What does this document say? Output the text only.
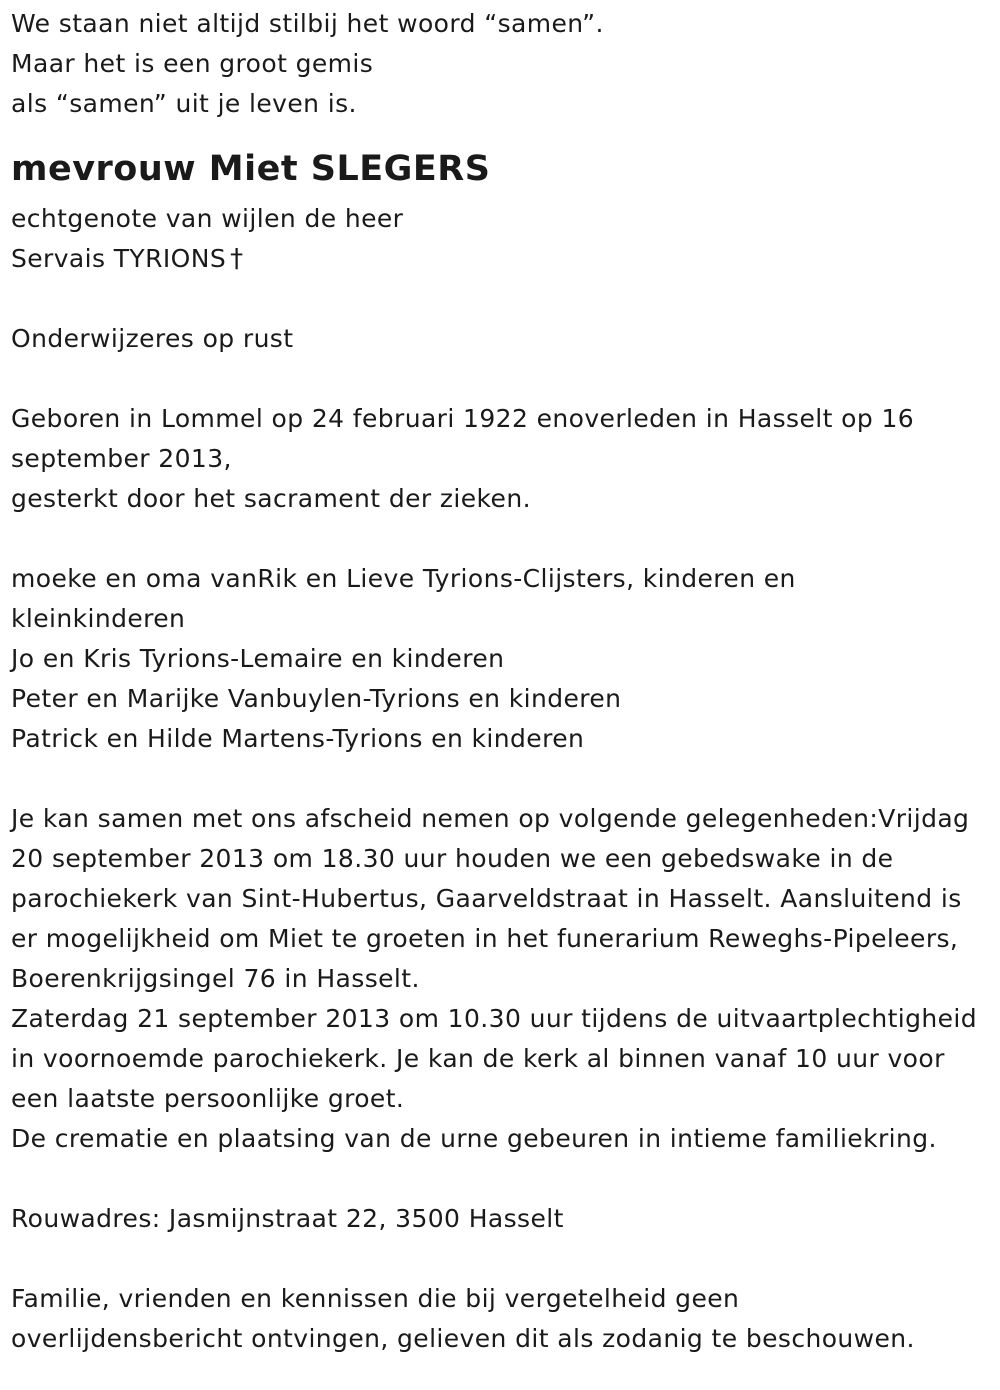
We staan niet altijd stilbij het woord “samen”.
Maar het is een groot gemis
als “samen” uit je leven is.
mevrouw Miet SLEGERS
echtgenote van wijlen de heer
Servais TYRIONS †
Onderwijzeres op rust
Geboren in Lommel op 24 februari 1922 enoverleden in Hasselt op 16 september 2013,
gesterkt door het sacrament der zieken.
moeke en oma vanRik en Lieve Tyrions-Clijsters, kinderen en kleinkinderen
Jo en Kris Tyrions-Lemaire en kinderen
Peter en Marijke Vanbuylen-Tyrions en kinderen
Patrick en Hilde Martens-Tyrions en kinderen
Je kan samen met ons afscheid nemen op volgende gelegenheden:Vrijdag 20 september 2013 om 18.30 uur houden we een gebedswake in de parochiekerk van Sint-Hubertus, Gaarveldstraat in Hasselt. Aansluitend is er mogelijkheid om Miet te groeten in het funerarium Reweghs-Pipeleers, Boerenkrijgsingel 76 in Hasselt.
Zaterdag 21 september 2013 om 10.30 uur tijdens de uitvaartplechtigheid in voornoemde parochiekerk. Je kan de kerk al binnen vanaf 10 uur voor een laatste persoonlijke groet.
De crematie en plaatsing van de urne gebeuren in intieme familiekring.
Rouwadres: Jasmijnstraat 22, 3500 Hasselt
Familie, vrienden en kennissen die bij vergetelheid geen overlijdensbericht ontvingen, gelieven dit als zodanig te beschouwen.
